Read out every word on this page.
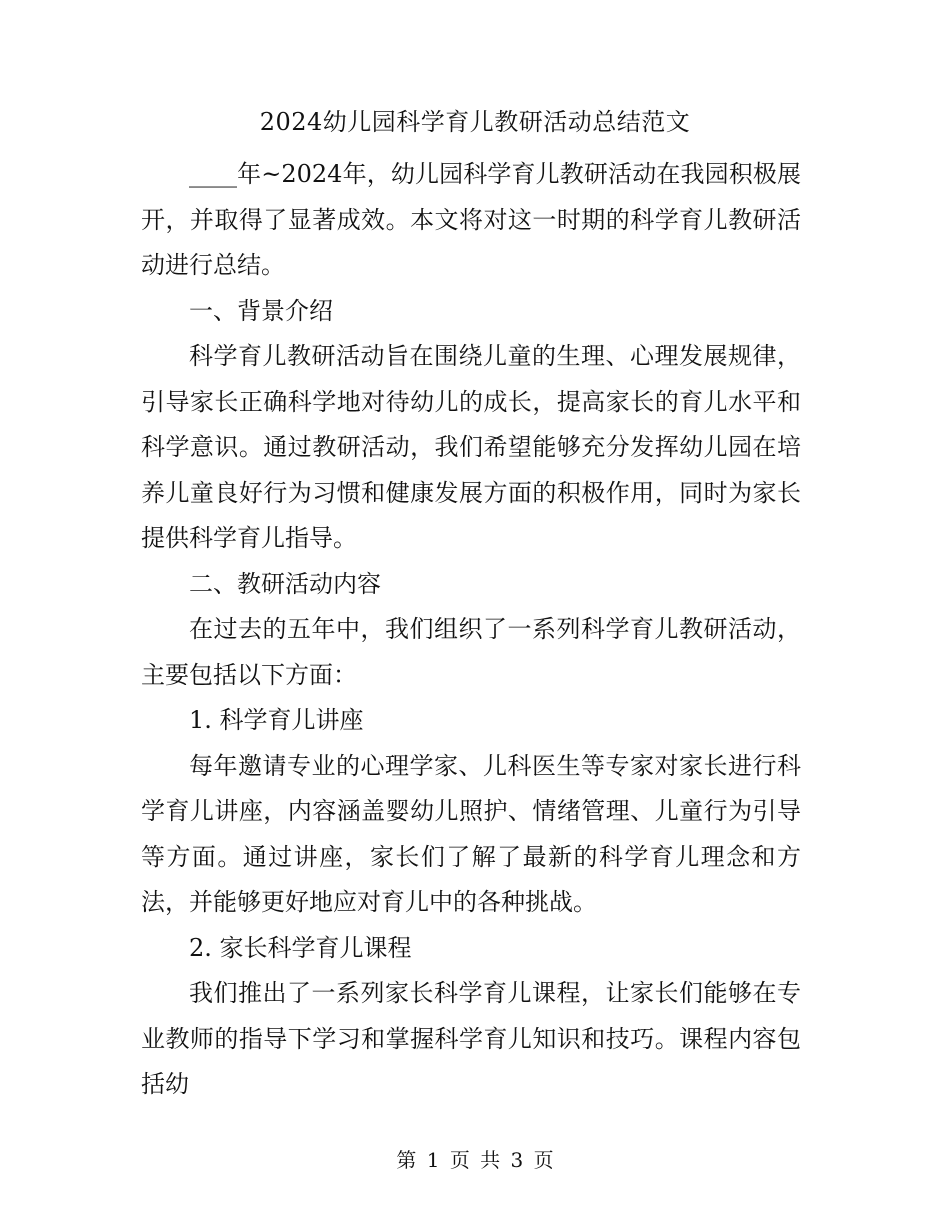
2024幼儿园科学育儿教研活动总结范文

____年~2024年，幼儿园科学育儿教研活动在我园积极展开，并取得了显著成效。本文将对这一时期的科学育儿教研活动进行总结。

一、背景介绍

科学育儿教研活动旨在围绕儿童的生理、心理发展规律，引导家长正确科学地对待幼儿的成长，提高家长的育儿水平和科学意识。通过教研活动，我们希望能够充分发挥幼儿园在培养儿童良好行为习惯和健康发展方面的积极作用，同时为家长提供科学育儿指导。

二、教研活动内容

在过去的五年中，我们组织了一系列科学育儿教研活动，主要包括以下方面：

1. 科学育儿讲座

每年邀请专业的心理学家、儿科医生等专家对家长进行科学育儿讲座，内容涵盖婴幼儿照护、情绪管理、儿童行为引导等方面。通过讲座，家长们了解了最新的科学育儿理念和方法，并能够更好地应对育儿中的各种挑战。

2. 家长科学育儿课程

我们推出了一系列家长科学育儿课程，让家长们能够在专业教师的指导下学习和掌握科学育儿知识和技巧。课程内容包括幼

第 1 页 共 3 页
